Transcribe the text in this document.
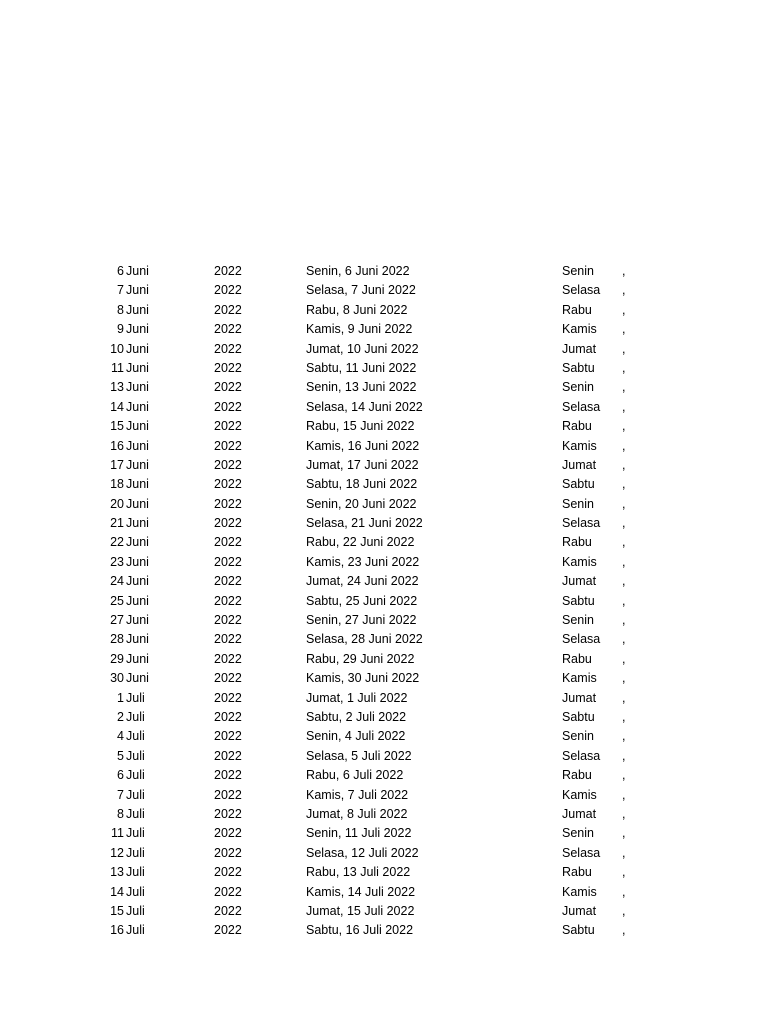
6 Juni	2022	Senin, 6 Juni 2022	Senin	,
7 Juni	2022	Selasa, 7 Juni 2022	Selasa	,
8 Juni	2022	Rabu, 8 Juni 2022	Rabu	,
9 Juni	2022	Kamis, 9 Juni 2022	Kamis	,
10 Juni	2022	Jumat, 10 Juni 2022	Jumat	,
11 Juni	2022	Sabtu, 11 Juni 2022	Sabtu	,
13 Juni	2022	Senin, 13 Juni 2022	Senin	,
14 Juni	2022	Selasa, 14 Juni 2022	Selasa	,
15 Juni	2022	Rabu, 15 Juni 2022	Rabu	,
16 Juni	2022	Kamis, 16 Juni 2022	Kamis	,
17 Juni	2022	Jumat, 17 Juni 2022	Jumat	,
18 Juni	2022	Sabtu, 18 Juni 2022	Sabtu	,
20 Juni	2022	Senin, 20 Juni 2022	Senin	,
21 Juni	2022	Selasa, 21 Juni 2022	Selasa	,
22 Juni	2022	Rabu, 22 Juni 2022	Rabu	,
23 Juni	2022	Kamis, 23 Juni 2022	Kamis	,
24 Juni	2022	Jumat, 24 Juni 2022	Jumat	,
25 Juni	2022	Sabtu, 25 Juni 2022	Sabtu	,
27 Juni	2022	Senin, 27 Juni 2022	Senin	,
28 Juni	2022	Selasa, 28 Juni 2022	Selasa	,
29 Juni	2022	Rabu, 29 Juni 2022	Rabu	,
30 Juni	2022	Kamis, 30 Juni 2022	Kamis	,
1 Juli	2022	Jumat, 1 Juli 2022	Jumat	,
2 Juli	2022	Sabtu, 2 Juli 2022	Sabtu	,
4 Juli	2022	Senin, 4 Juli 2022	Senin	,
5 Juli	2022	Selasa, 5 Juli 2022	Selasa	,
6 Juli	2022	Rabu, 6 Juli 2022	Rabu	,
7 Juli	2022	Kamis, 7 Juli 2022	Kamis	,
8 Juli	2022	Jumat, 8 Juli 2022	Jumat	,
11 Juli	2022	Senin, 11 Juli 2022	Senin	,
12 Juli	2022	Selasa, 12 Juli 2022	Selasa	,
13 Juli	2022	Rabu, 13 Juli 2022	Rabu	,
14 Juli	2022	Kamis, 14 Juli 2022	Kamis	,
15 Juli	2022	Jumat, 15 Juli 2022	Jumat	,
16 Juli	2022	Sabtu, 16 Juli 2022	Sabtu	,
